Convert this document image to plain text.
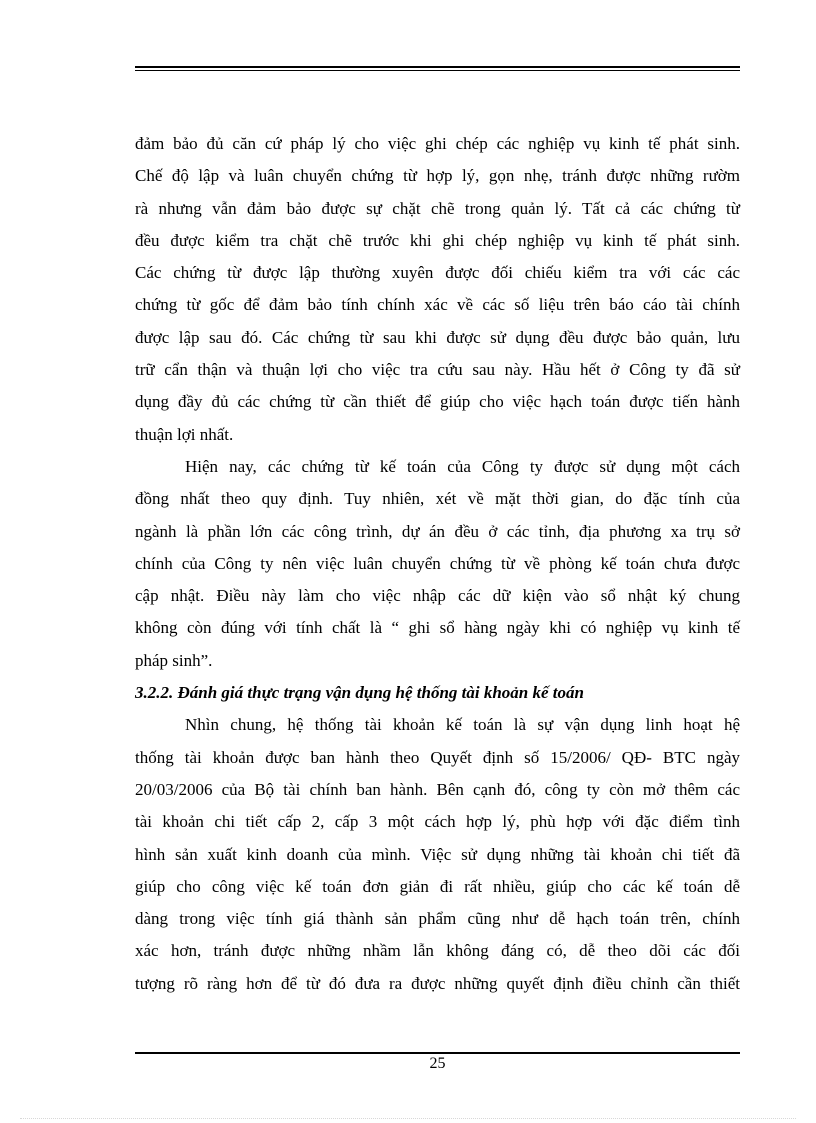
đảm bảo đủ căn cứ pháp lý cho việc ghi chép các nghiệp vụ kinh tế phát sinh.
Chế độ lập và luân chuyển chứng từ hợp lý, gọn nhẹ, tránh được những rườm
rà nhưng vẫn đảm bảo được sự chặt chẽ trong quản lý. Tất cả các chứng từ
đều được kiểm tra chặt chẽ trước khi ghi chép nghiệp vụ kinh tế phát sinh.
Các chứng từ được lập thường xuyên được đối chiếu kiểm tra với các các
chứng từ gốc để đảm bảo tính chính xác về các số liệu trên báo cáo tài chính
được lập sau đó. Các chứng từ sau khi được sử dụng đều được bảo quản, lưu
trữ cẩn thận và thuận lợi cho việc tra cứu sau này. Hầu hết ở Công ty đã sử
dụng đầy đủ các chứng từ cần thiết để giúp cho việc hạch toán được tiến hành
thuận lợi nhất.
Hiện nay, các chứng từ kế toán của Công ty được sử dụng một cách
đồng nhất theo quy định. Tuy nhiên, xét về mặt thời gian, do đặc tính của
ngành là phần lớn các công trình, dự án đều ở các tỉnh, địa phương xa trụ sở
chính của Công ty nên việc luân chuyển chứng từ về phòng kế toán chưa được
cập nhật. Điều này làm cho việc nhập các dữ kiện vào sổ nhật ký chung
không còn đúng với tính chất là “ ghi sổ hàng ngày khi có nghiệp vụ kinh tế
pháp sinh”.
3.2.2. Đánh giá thực trạng vận dụng hệ thống tài khoản kế toán
Nhìn chung, hệ thống tài khoản kế toán là sự vận dụng linh hoạt hệ
thống tài khoản được ban hành theo Quyết định số 15/2006/ QĐ- BTC ngày
20/03/2006 của Bộ tài chính ban hành. Bên cạnh đó, công ty còn mở thêm các
tài khoản chi tiết cấp 2, cấp 3 một cách hợp lý, phù hợp với đặc điểm tình
hình sản xuất kinh doanh của mình. Việc sử dụng những tài khoản chi tiết đã
giúp cho công việc kế toán đơn giản đi rất nhiều, giúp cho các kế toán dễ
dàng trong việc tính giá thành sản phẩm cũng như dễ hạch toán trên, chính
xác hơn, tránh được những nhầm lẫn không đáng có, dễ theo dõi các đối
tượng rõ ràng hơn để từ đó đưa ra được những quyết định điều chỉnh cần thiết
25
